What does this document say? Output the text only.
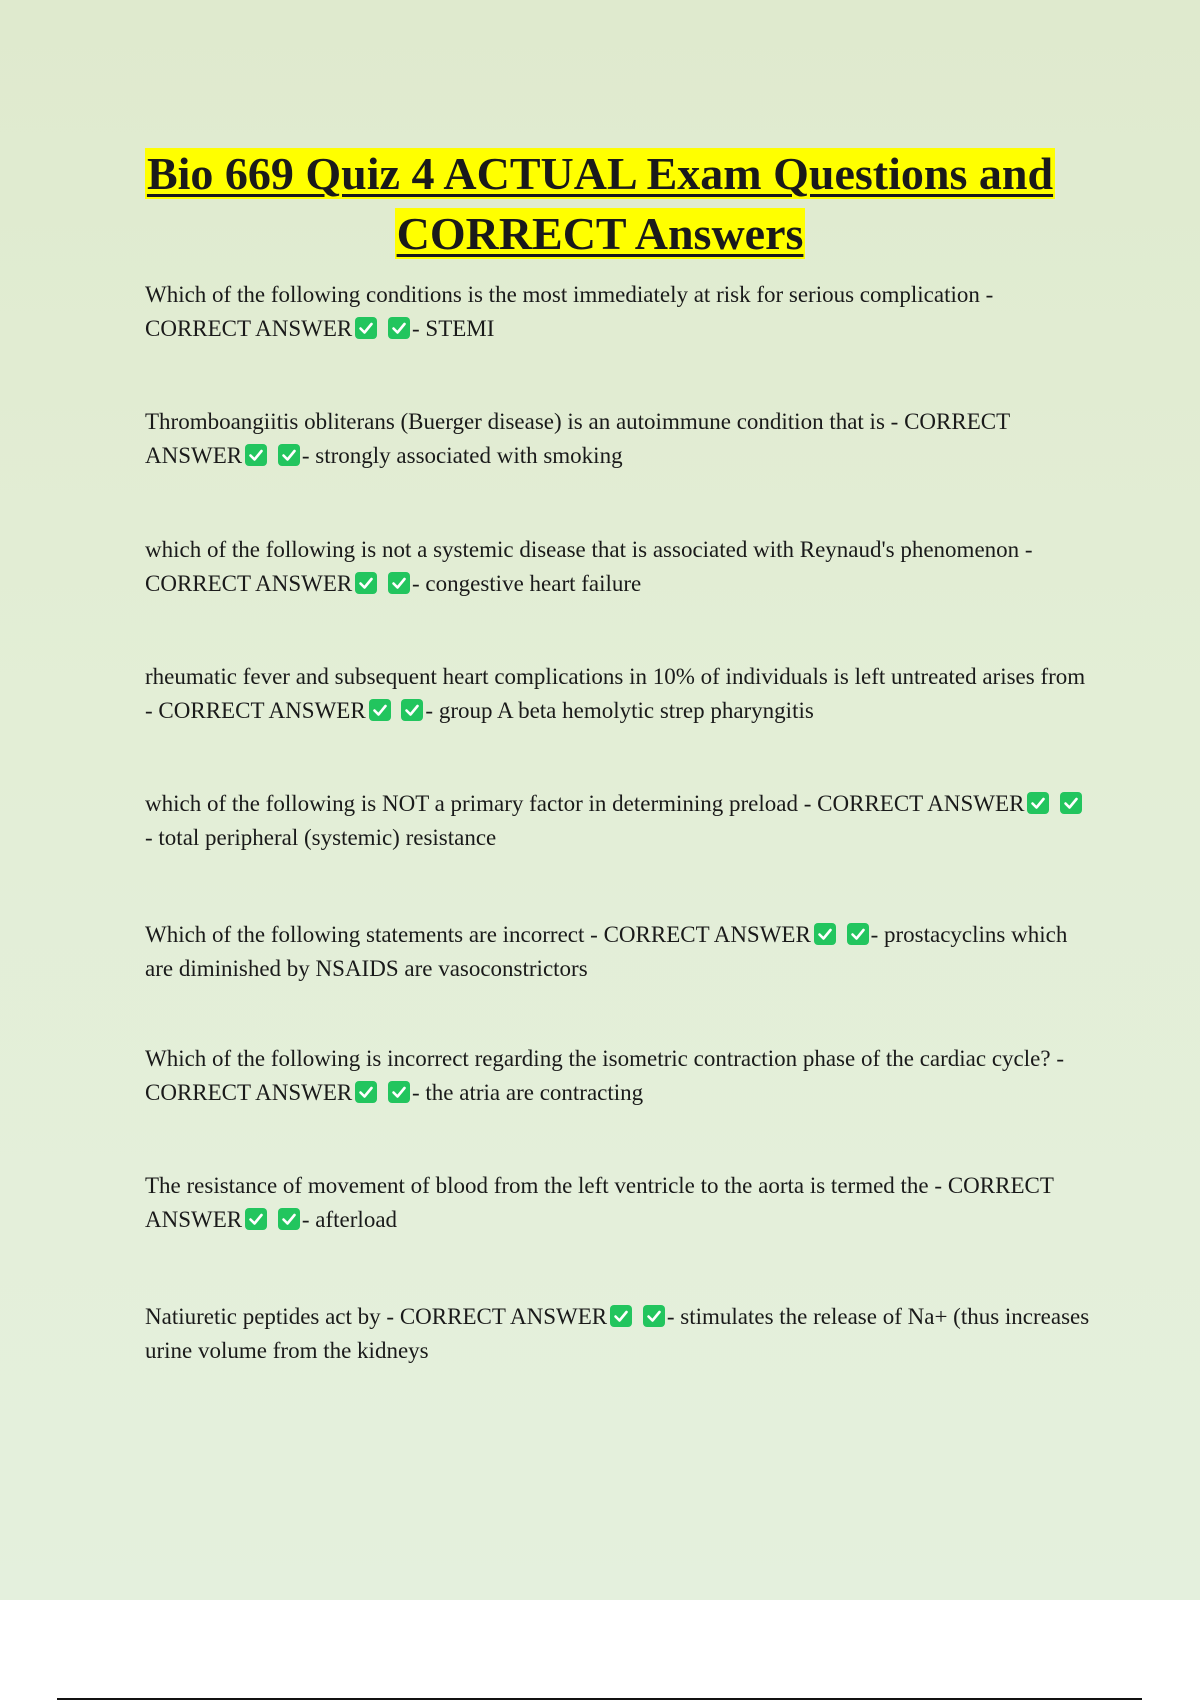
Bio 669 Quiz 4 ACTUAL Exam Questions and CORRECT Answers

Which of the following conditions is the most immediately at risk for serious complication - CORRECT ANSWER
	- STEMI

Thromboangiitis obliterans (Buerger disease) is an autoimmune condition that is - CORRECT ANSWER
	- strongly associated with smoking

which of the following is not a systemic disease that is associated with Reynaud's phenomenon - CORRECT ANSWER
	- congestive heart failure

rheumatic fever and subsequent heart complications in 10% of individuals is left untreated arises from - CORRECT ANSWER
	- group A beta hemolytic strep pharyngitis

which of the following is NOT a primary factor in determining preload - CORRECT ANSWER

- total peripheral (systemic) resistance

Which of the following statements are incorrect - CORRECT ANSWER
	- prostacyclins which are diminished by NSAIDS are vasoconstrictors

Which of the following is incorrect regarding the isometric contraction phase of the cardiac cycle? - CORRECT ANSWER
	- the atria are contracting

The resistance of movement of blood from the left ventricle to the aorta is termed the - CORRECT ANSWER
	- afterload

Natiuretic peptides act by - CORRECT ANSWER
	- stimulates the release of Na+ (thus increases urine volume from the kidneys
